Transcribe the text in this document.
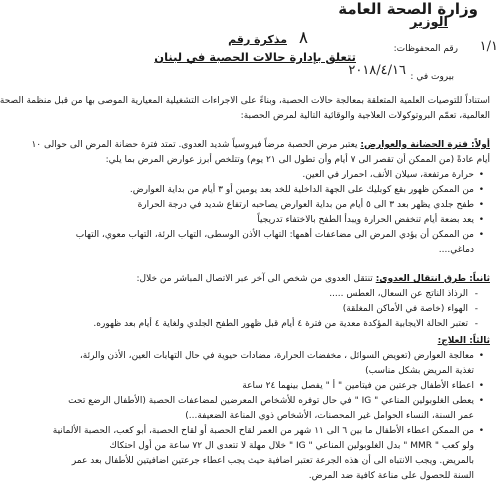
وزارة الصحة العامة
الوزير
مذكرة رقم ٨
رقم المحفوظات: ١/١
بيروت في :
٢٠١٨/٤/١٦
تتعلق بإدارة حالات الحصبة في لبنان
استناداً للتوصيات العلمية المتعلقة بمعالجة حالات الحصبة، وبناءً على الاجراءات التشغيلية المعيارية الموصى بها من قبل منظمة الصحة
العالمية، تعمّم البروتوكولات العلاجية والوقائية التالية لمرض الحصبة:
أولاً: فترة الحضانة والعوارض: يعتبر مرض الحصبة مرضاً فيروسياً شديد العدوى. تمتد فترة حضانة المرض الى حوالى ١٠
أيام عادةً (من الممكن أن تقصر الى ٧ أيام وأن تطول الى ٢١ يوم) وتتلخص أبرز عوارض المرض بما يلي:
• حرارة مرتفعة، سيلان الأنف، احمرار في العين.
• من الممكن ظهور بقع كوبليك على الجهة الداخلية للخد بعد يومين أو ٣ أيام من بداية العوارض.
• طفح جلدي يظهر بعد ٣ الى ٥ أيام من بداية العوارض يصاحبه ارتفاع شديد في درجة الحرارة
• يعد بضعة أيام تنخفض الحرارة ويبدأ الطفح بالاختفاء تدريجياً
• من الممكن أن يؤدي المرض الى مضاعفات أهمها: التهاب الأذن الوسطى، التهاب الرئة، التهاب معوي، التهاب
دماغي....
ثانياً: طرق انتقال العدوى: تنتقل العدوى من شخص الى آخر عبر الاتصال المباشر من خلال:
- الرذاذ الناتج عن السعال، العطس .....
- الهواء (خاصة في الأماكن المغلقة)
- تعتبر الحالة الايجابية المؤكدة معدية من فترة ٤ أيام قبل ظهور الطفح الجلدي ولغاية ٤ أيام بعد ظهوره.
ثالثاً: العلاج:
• معالجة العوارض (تعويض السوائل ، مخفضات الحرارة، مضادات حيوية في حال التهابات العين، الأذن والرئة،
تغذية المريض بشكل مناسب)
• اعطاء الأطفال جرعتين من فيتامين " أ " يفصل بينهما ٢٤ ساعة
• يعطى الغلوبولين المناعي " IG " في حال توفره للأشخاص المعرضين لمضاعفات الحصبة (الأطفال الرضع تحت
عمر السنة، النساء الحوامل غير المحصنات، الأشخاص ذوي المناعة الضعيفة...)
• من الممكن اعطاء الأطفال ما بين ٦ الى ١١ شهر من العمر لقاح الحصبة أو لقاح الحصبة، أبو كعب، الحصبة الألمانية
ولو كعب " MMR " بدل الغلوبولين المناعي " IG " خلال مهلة لا تتعدى ال ٧٢ ساعة من أول احتكاك
بالمريض. ويجب الانتباه الى أن هذه الجرعة تعتبر اضافية حيث يجب اعطاء جرعتين اضافيتين للأطفال بعد عمر
السنة للحصول على مناعة كافية ضد المرض.
